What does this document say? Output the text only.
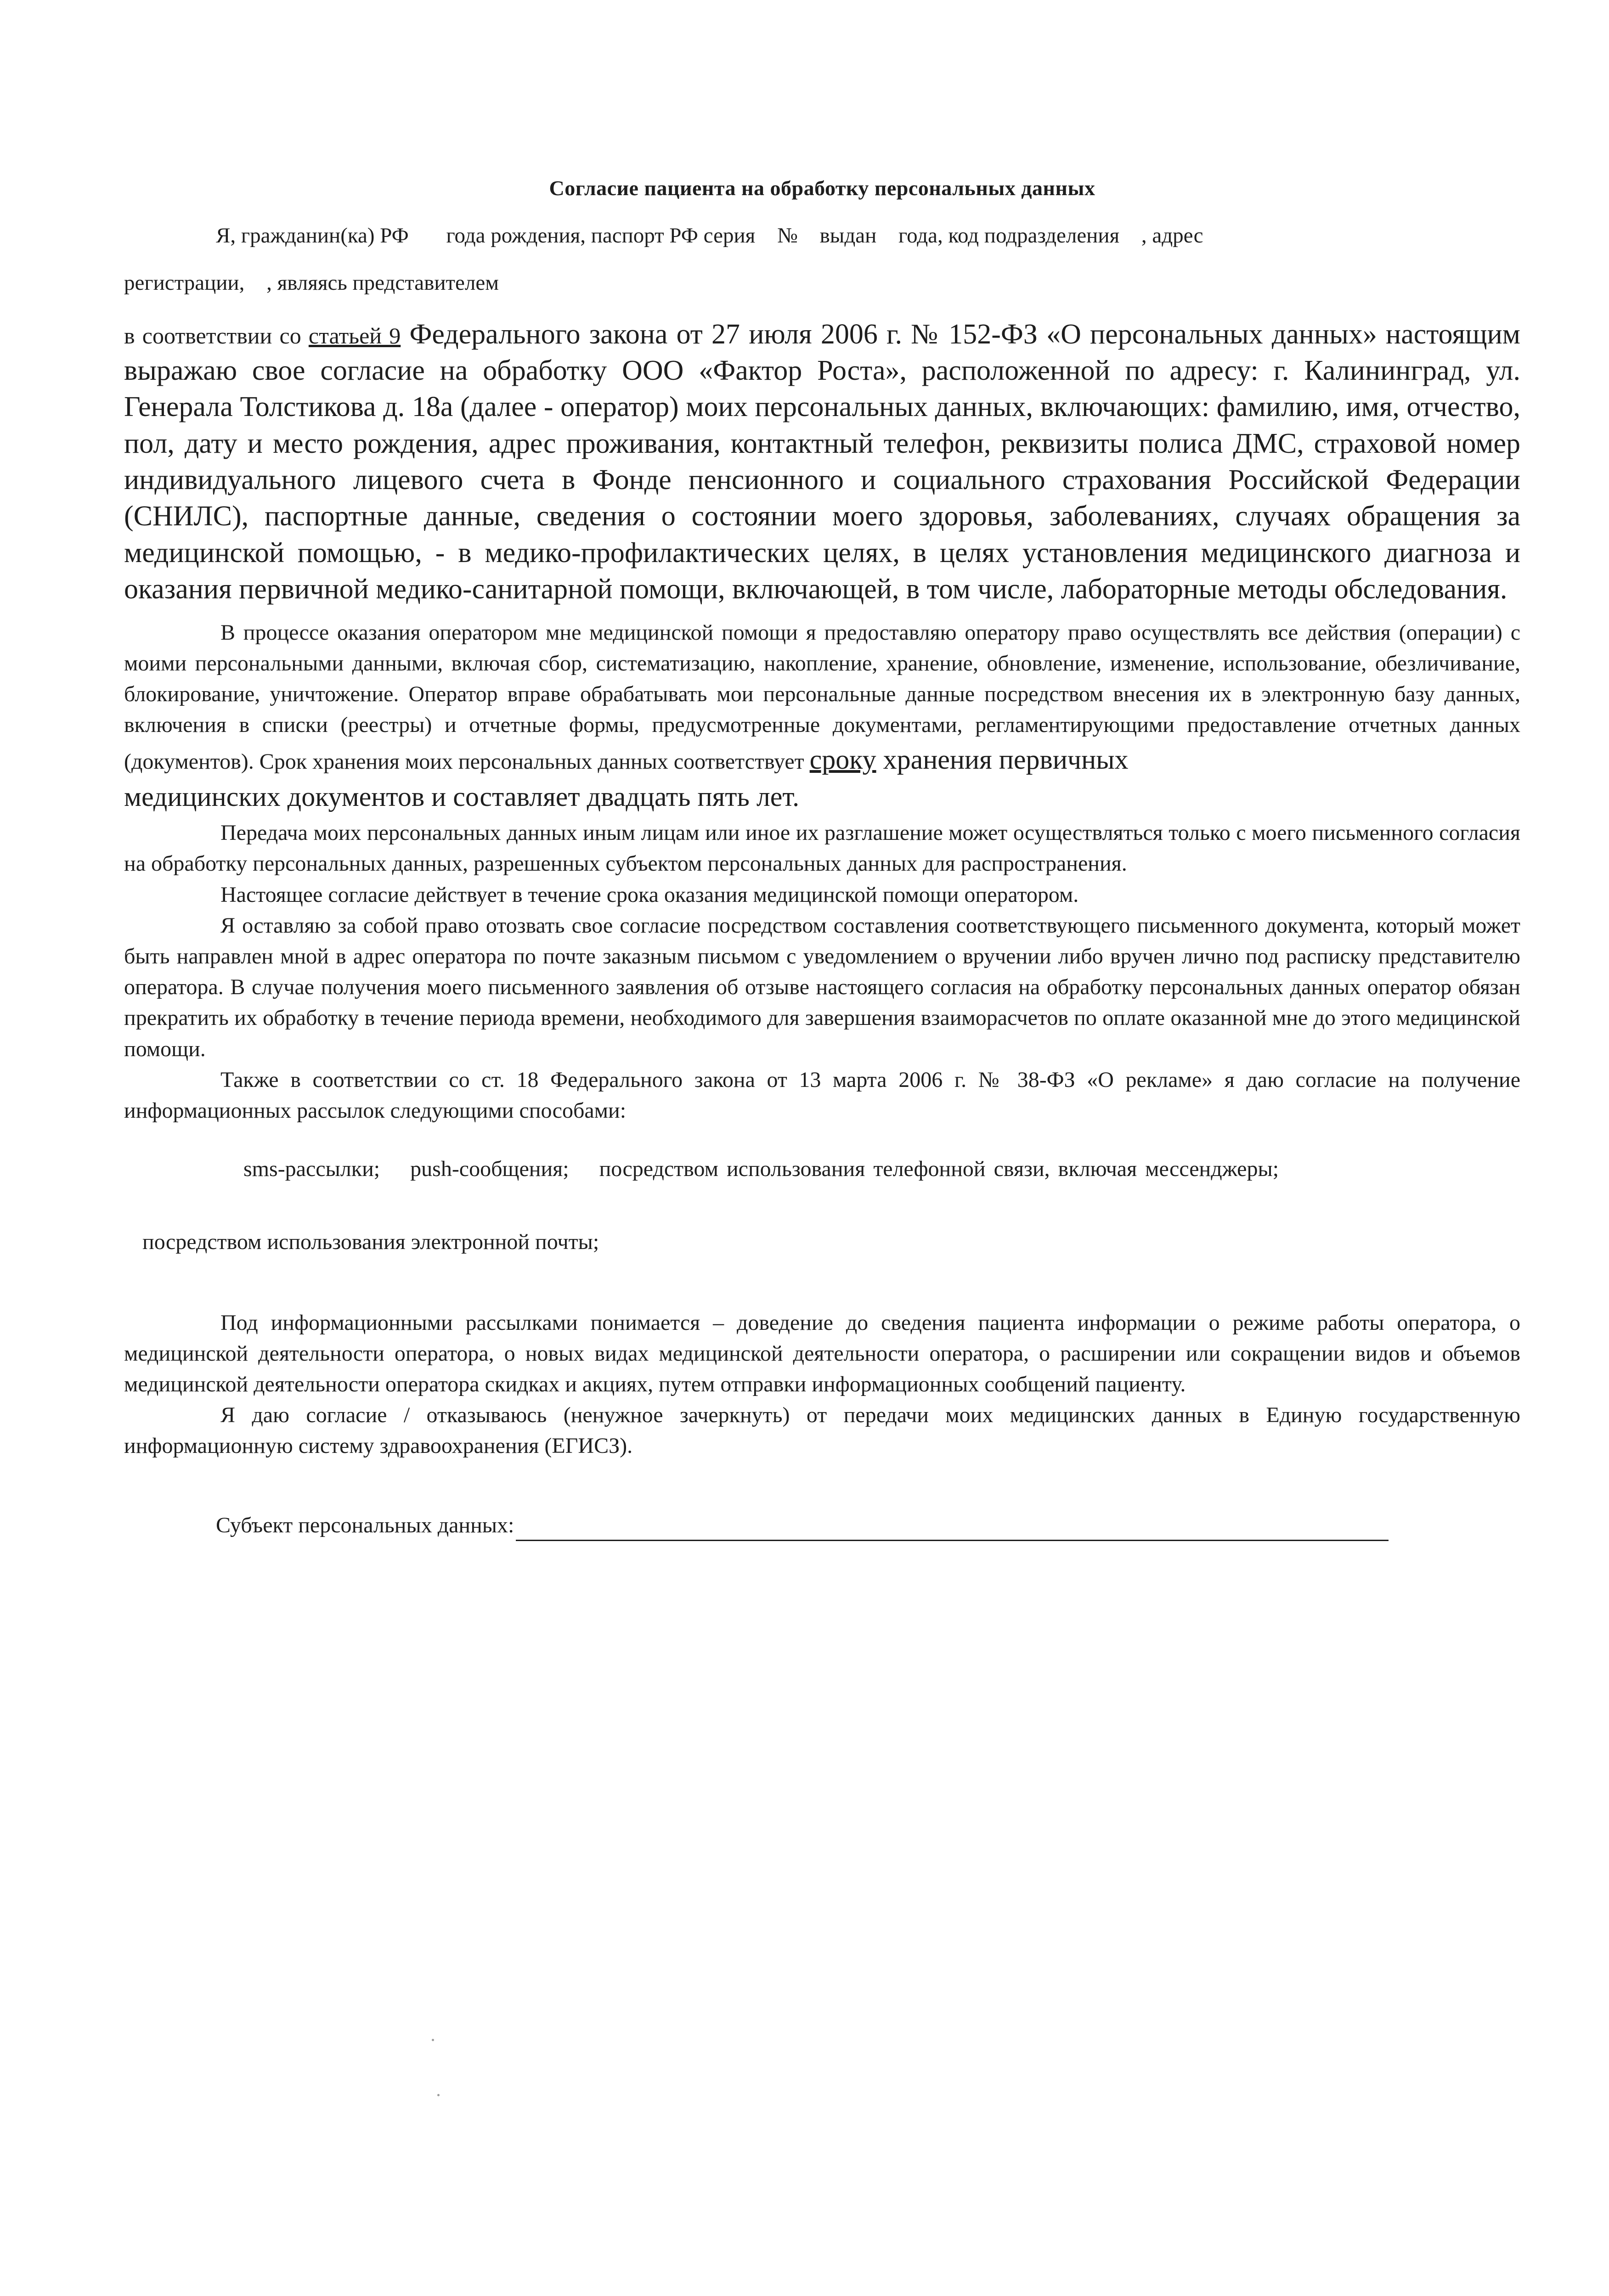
Согласие пациента на обработку персональных данных

Я, гражданин(ка) РФ года рождения, паспорт РФ серия № выдан года, код подразделения , адрес

регистрации, , являясь представителем

в соответствии со статьей 9 Федерального закона от 27 июля 2006 г. № 152-ФЗ «О персональных данных» настоящим выражаю свое согласие на обработку ООО «Фактор Роста», расположенной по адресу: г. Калининград, ул. Генерала Толстикова д. 18а (далее - оператор) моих персональных данных, включающих: фамилию, имя, отчество, пол, дату и место рождения, адрес проживания, контактный телефон, реквизиты полиса ДМС, страховой номер индивидуального лицевого счета в Фонде пенсионного и социального страхования Российской Федерации (СНИЛС), паспортные данные, сведения о состоянии моего здоровья, заболеваниях, случаях обращения за медицинской помощью, - в медико-профилактических целях, в целях установления медицинского диагноза и оказания первичной медико-санитарной помощи, включающей, в том числе, лабораторные методы обследования.

В процессе оказания оператором мне медицинской помощи я предоставляю оператору право осуществлять все действия (операции) с моими персональными данными, включая сбор, систематизацию, накопление, хранение, обновление, изменение, использование, обезличивание, блокирование, уничтожение. Оператор вправе обрабатывать мои персональные данные посредством внесения их в электронную базу данных, включения в списки (реестры) и отчетные формы, предусмотренные документами, регламентирующими предоставление отчетных данных (документов). Срок хранения моих персональных данных соответствует сроку хранения первичных

медицинских документов и составляет двадцать пять лет.

Передача моих персональных данных иным лицам или иное их разглашение может осуществляться только с моего письменного согласия на обработку персональных данных, разрешенных субъектом персональных данных для распространения.

Настоящее согласие действует в течение срока оказания медицинской помощи оператором.

Я оставляю за собой право отозвать свое согласие посредством составления соответствующего письменного документа, который может быть направлен мной в адрес оператора по почте заказным письмом с уведомлением о вручении либо вручен лично под расписку представителю оператора. В случае получения моего письменного заявления об отзыве настоящего согласия на обработку персональных данных оператор обязан прекратить их обработку в течение периода времени, необходимого для завершения взаиморасчетов по оплате оказанной мне до этого медицинской помощи.

Также в соответствии со ст. 18 Федерального закона от 13 марта 2006 г. № 38-ФЗ «О рекламе» я даю согласие на получение информационных рассылок следующими способами:

sms-рассылки; push-сообщения; посредством использования телефонной связи, включая мессенджеры;

посредством использования электронной почты;

Под информационными рассылками понимается – доведение до сведения пациента информации о режиме работы оператора, о медицинской деятельности оператора, о новых видах медицинской деятельности оператора, о расширении или сокращении видов и объемов медицинской деятельности оператора скидках и акциях, путем отправки информационных сообщений пациенту.

Я даю согласие / отказываюсь (ненужное зачеркнуть) от передачи моих медицинских данных в Единую государственную информационную систему здравоохранения (ЕГИСЗ).

Субъект персональных данных:
